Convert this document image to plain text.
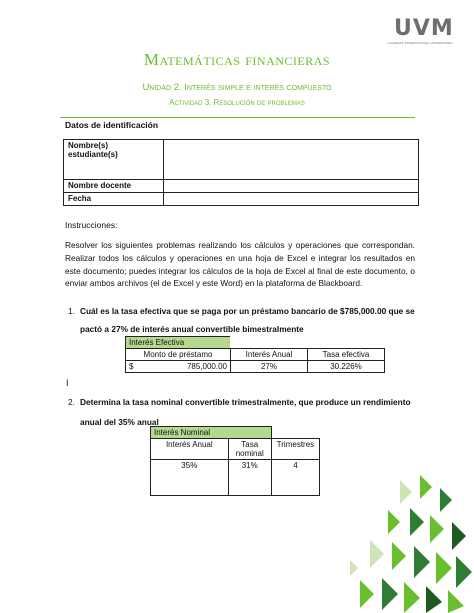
UVM
LAUREATE INTERNATIONAL UNIVERSITIES
Matemáticas financieras
Unidad 2. Interés simple e interés compuesto
Actividad 3. Resolución de problemas
Datos de identificación
Nombre(s) estudiante(s)	
Nombre docente	
Fecha	
Instrucciones:
Resolver los siguientes problemas realizando los cálculos y operaciones que correspondan. Realizar todos los cálculos y operaciones en una hoja de Excel e integrar los resultados en este documento; puedes integrar los cálculos de la hoja de Excel al final de este documento, o enviar ambos archivos (el de Excel y este Word) en la plataforma de Blackboard.
1. Cuál es la tasa efectiva que se paga por un préstamo bancario de $785,000.00 que se pactó a 27% de interés anual convertible bimestralmente
Interés Efectiva			
Monto de préstamo		Interés Anual	Tasa efectiva
$	785,000.00	27%	30.226%
I
2. Determina la tasa nominal convertible trimestralmente, que produce un rendimiento anual del 35% anual
Interés Nominal		
Interés Anual	Tasa nominal	Trimestres
35%	31%	4
